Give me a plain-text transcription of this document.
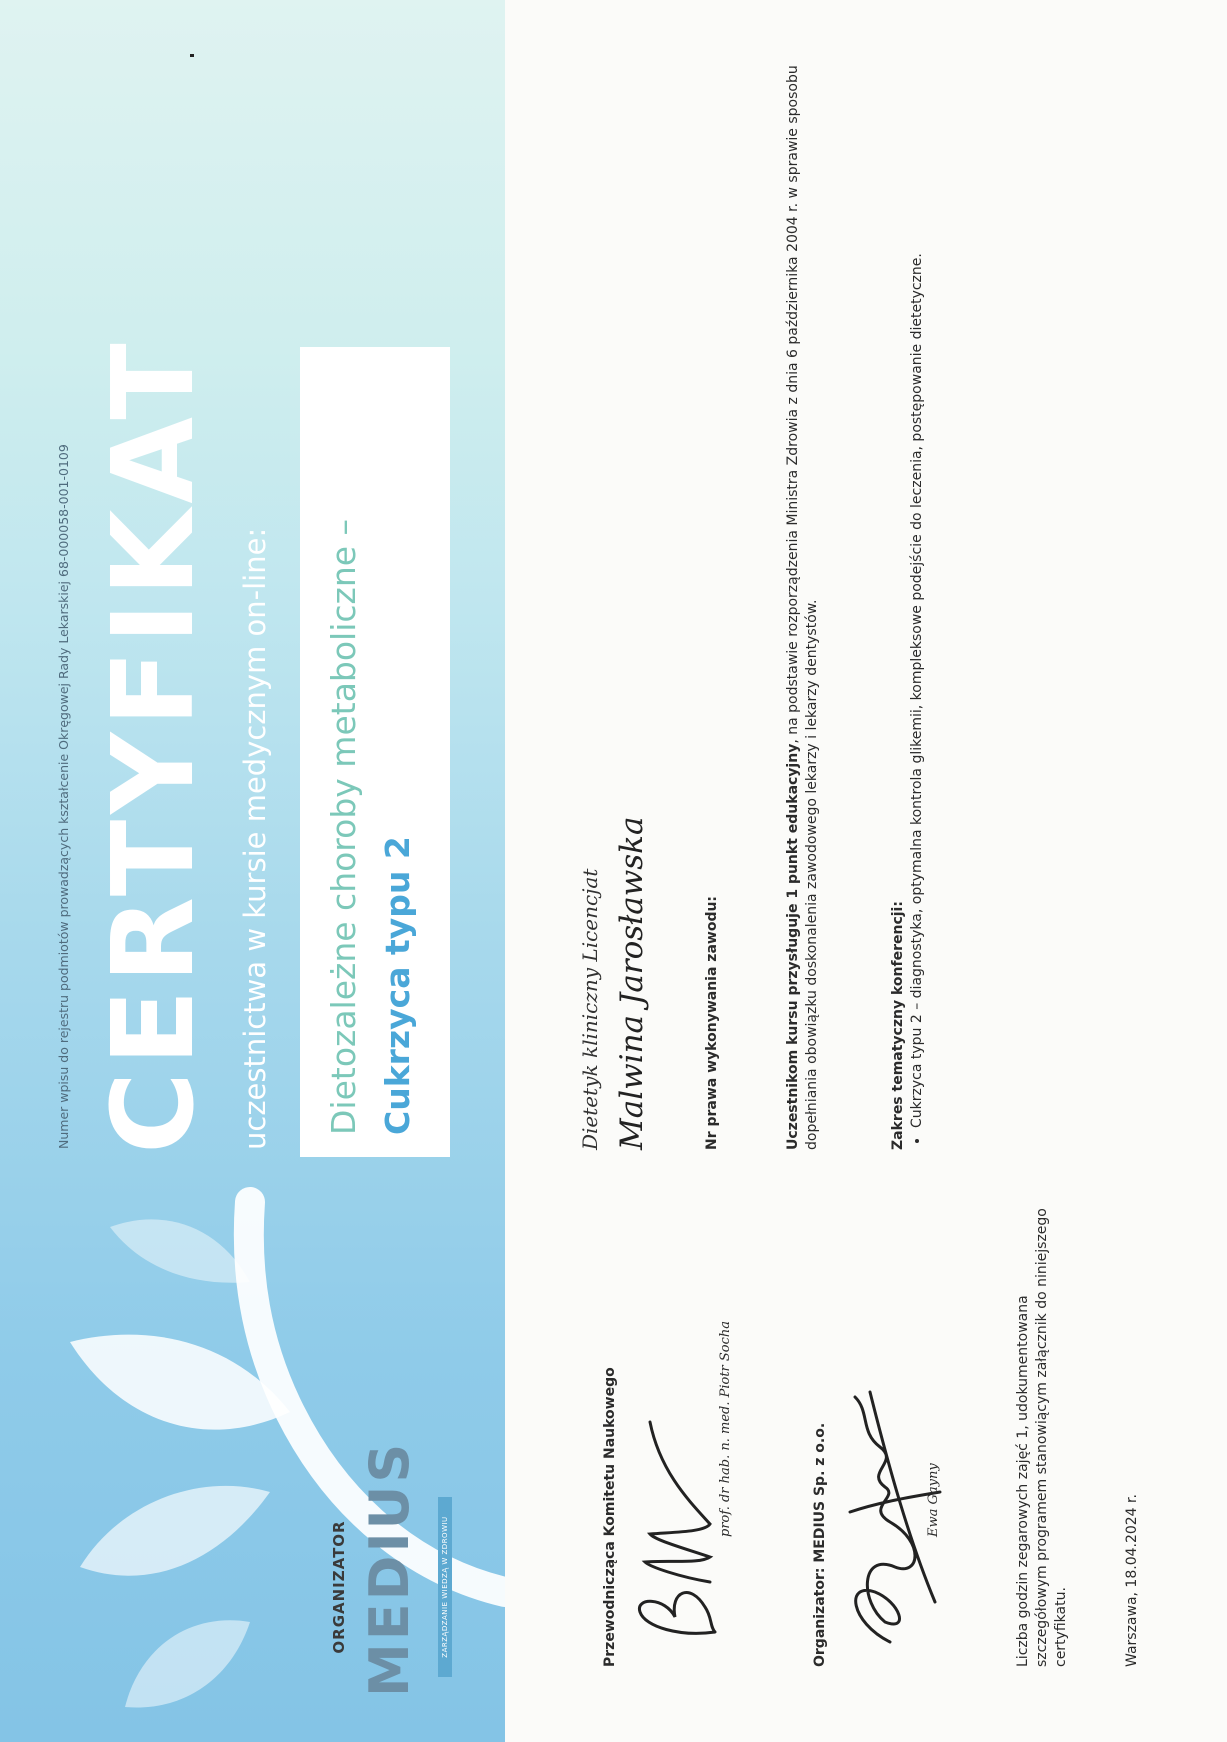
ORGANIZATOR MEDIUS	ZARZĄDZANIE WIEDZĄ W ZDROWIU
Numer wpisu do rejestru podmiotów prowadzących kształcenie Okręgowej Rady Lekarskiej 68-000058-001-0109 CERTYFIKAT uczestnictwa w kursie medycznym on-line: Dietozależne choroby metaboliczne – Cukrzyca typu 2	Dietetyk kliniczny Licencjat Malwina Jarosławska	Nr prawa wykonywania zawodu:	Uczestnikom kursu przysługuje 1 punkt edukacyjny, na podstawie rozporządzenia Ministra Zdrowia z dnia 6 października 2004 r. w sprawie sposobu dopełniania obowiązku doskonalenia zawodowego lekarzy i lekarzy dentystów.	Zakres tematyczny konferencji:
• Cukrzyca typu 2 – diagnostyka, optymalna kontrola glikemii, kompleksowe podejście do leczenia, postępowanie dietetyczne.
Przewodnicząca Komitetu Naukowego	prof. dr hab. n. med. Piotr Socha	Organizator: MEDIUS Sp. z o.o.	Ewa Gayny	Liczba godzin zegarowych zajęć 1, udokumentowana szczegółowym programem stanowiącym załącznik do niniejszego certyfikatu.	Warszawa, 18.04.2024 r.
